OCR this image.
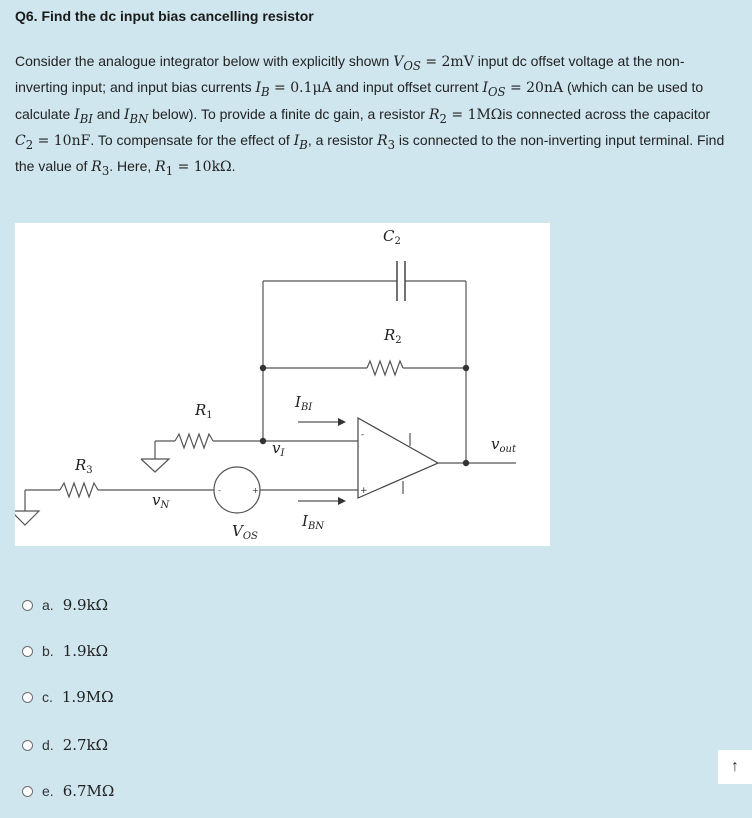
Q6. Find the dc input bias cancelling resistor
Consider the analogue integrator below with explicitly shown $V_{OS} = 2mV$ input dc offset voltage at the non-inverting input; and input bias currents $I_B = 0.1\mu A$ and input offset current $I_{OS} = 20nA$ (which can be used to calculate $I_{BI}$ and $I_{BN}$ below). To provide a finite dc gain, a resistor $R_2 = 1M\Omega is$ connected across the capacitor $C_2 = 10nF$. To compensate for the effect of $I_B$, a resistor $R_3$ is connected to the non-inverting input terminal. Find the value of $R_3$. Here, $R_1 = 10k\Omega$.
$C_2$
$R_2$
$R_1$
$R_3$
$I_{BI}$
$I_{BN}$
$v_I$
$v_N$
$V_{OS}$
$v_{out}$
-
+
-	+
a. 9.9kΩ
b. 1.9kΩ
c. 1.9MΩ
d. 2.7kΩ
e. 6.7MΩ
↑
